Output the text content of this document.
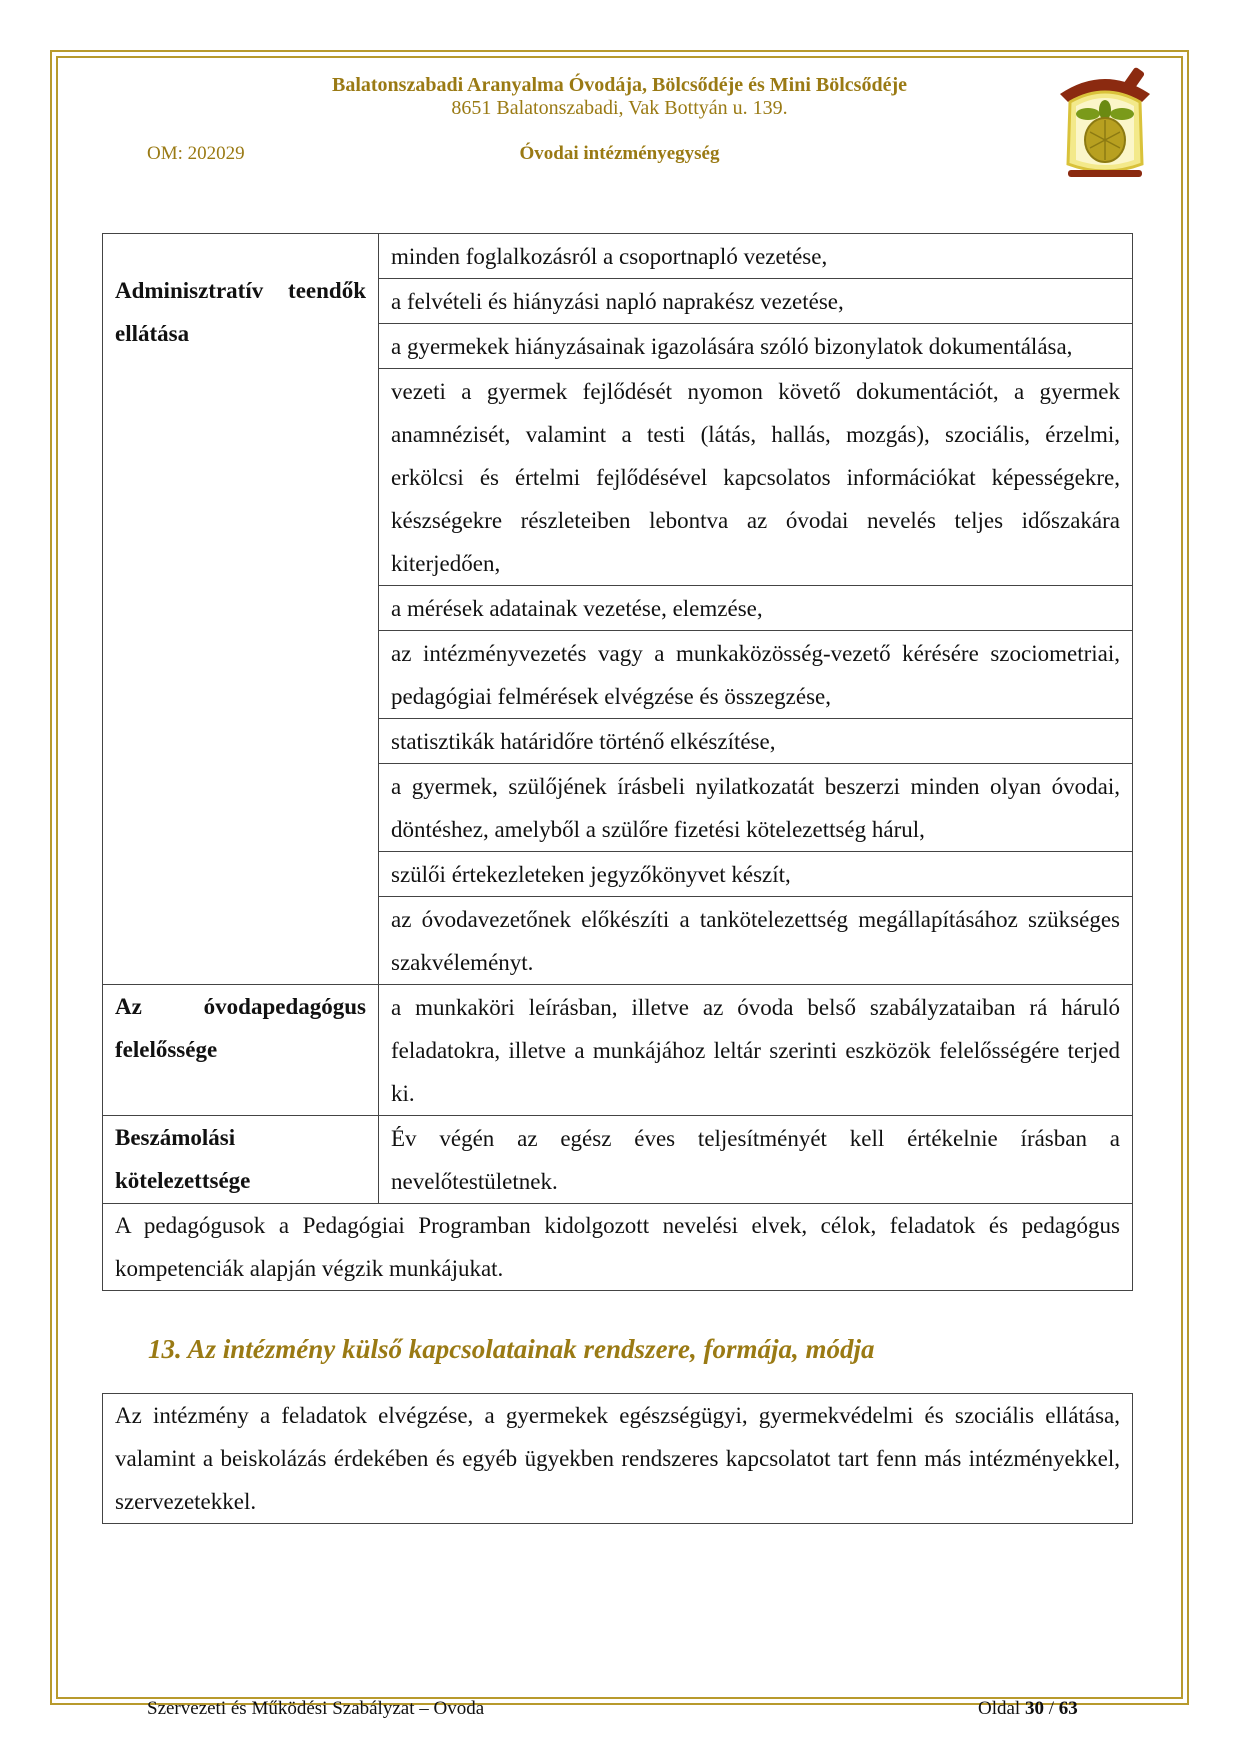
Balatonszabadi Aranyalma Óvodája, Bölcsődéje és Mini Bölcsődéje
8651 Balatonszabadi, Vak Bottyán u. 139.
OM: 202029	Óvodai intézményegység
Adminisztratív teendők ellátása	minden foglalkozásról a csoportnapló vezetése,
	a felvételi és hiányzási napló naprakész vezetése,
	a gyermekek hiányzásainak igazolására szóló bizonylatok dokumentálása,
	vezeti a gyermek fejlődését nyomon követő dokumentációt, a gyermek anamnézisét, valamint a testi (látás, hallás, mozgás), szociális, érzelmi, erkölcsi és értelmi fejlődésével kapcsolatos információkat képességekre, készségekre részleteiben lebontva az óvodai nevelés teljes időszakára kiterjedően,
	a mérések adatainak vezetése, elemzése,
	az intézményvezetés vagy a munkaközösség-vezető kérésére szociometriai, pedagógiai felmérések elvégzése és összegzése,
	statisztikák határidőre történő elkészítése,
	a gyermek, szülőjének írásbeli nyilatkozatát beszerzi minden olyan óvodai, döntéshez, amelyből a szülőre fizetési kötelezettség hárul,
	szülői értekezleteken jegyzőkönyvet készít,
	az óvodavezetőnek előkészíti a tankötelezettség megállapításához szükséges szakvéleményt.
Az óvodapedagógus felelőssége	a munkaköri leírásban, illetve az óvoda belső szabályzataiban rá háruló feladatokra, illetve a munkájához leltár szerinti eszközök felelősségére terjed ki.
Beszámolási kötelezettsége	Év végén az egész éves teljesítményét kell értékelnie írásban a nevelőtestületnek.
A pedagógusok a Pedagógiai Programban kidolgozott nevelési elvek, célok, feladatok és pedagógus kompetenciák alapján végzik munkájukat.	
13. Az intézmény külső kapcsolatainak rendszere, formája, módja
Az intézmény a feladatok elvégzése, a gyermekek egészségügyi, gyermekvédelmi és szociális ellátása, valamint a beiskolázás érdekében és egyéb ügyekben rendszeres kapcsolatot tart fenn más intézményekkel, szervezetekkel.
Szervezeti és Működési Szabályzat – Ovoda	Oldal 30 / 63
